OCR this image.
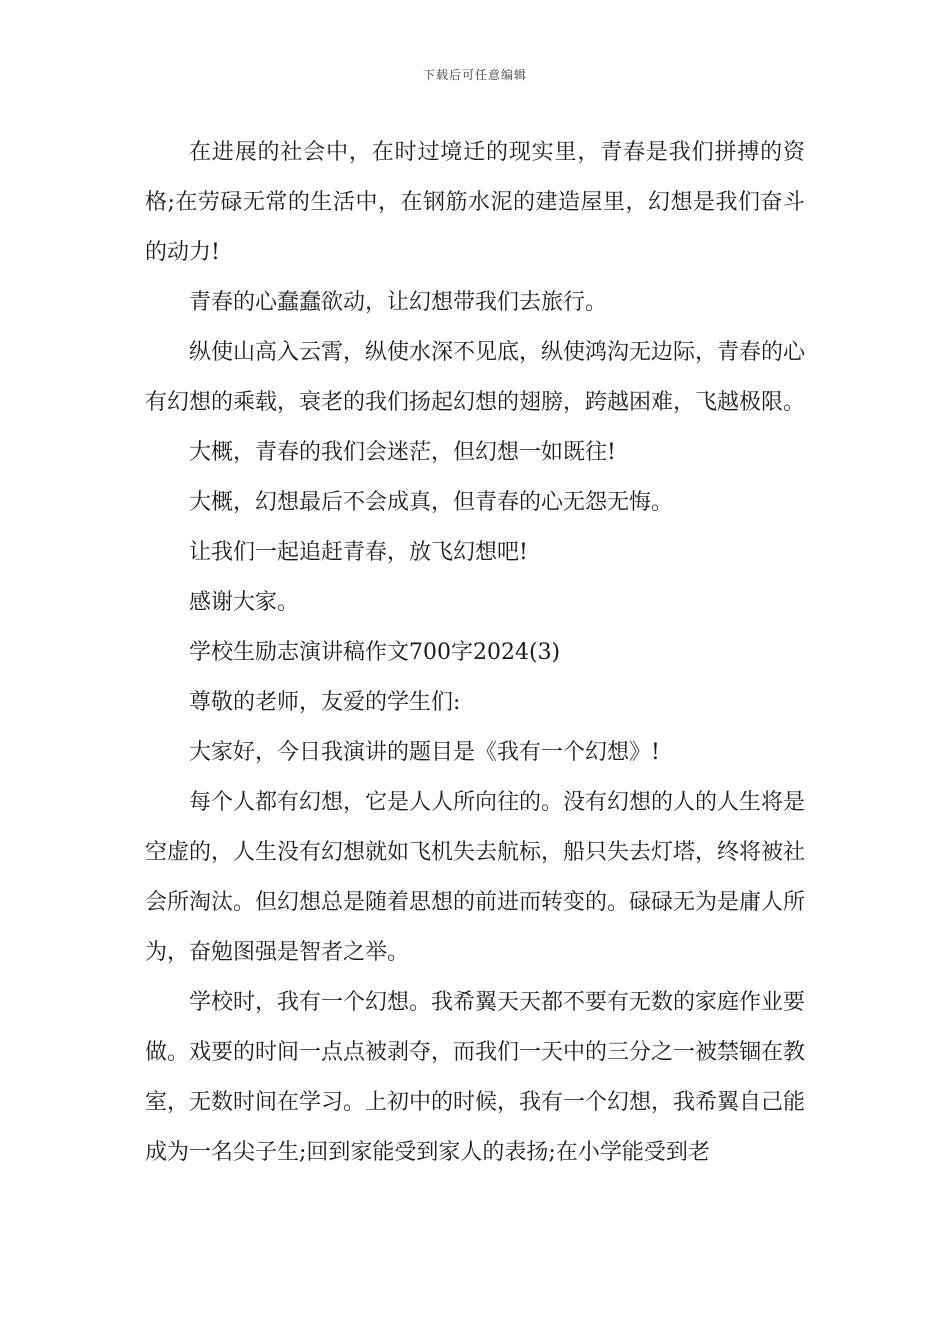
下载后可任意编辑

在进展的社会中，在时过境迁的现实里，青春是我们拼搏的资格;在劳碌无常的生活中，在钢筋水泥的建造屋里，幻想是我们奋斗的动力!

青春的心蠢蠢欲动，让幻想带我们去旅行。

纵使山高入云霄，纵使水深不见底，纵使鸿沟无边际，青春的心有幻想的乘载，衰老的我们扬起幻想的翅膀，跨越困难，飞越极限。

大概，青春的我们会迷茫，但幻想一如既往!

大概，幻想最后不会成真，但青春的心无怨无悔。

让我们一起追赶青春，放飞幻想吧!

感谢大家。

学校生励志演讲稿作文700字2024(3)

尊敬的老师，友爱的学生们:

大家好，今日我演讲的题目是《我有一个幻想》!

每个人都有幻想，它是人人所向往的。没有幻想的人的人生将是空虚的，人生没有幻想就如飞机失去航标，船只失去灯塔，终将被社会所淘汰。但幻想总是随着思想的前进而转变的。碌碌无为是庸人所为，奋勉图强是智者之举。

学校时，我有一个幻想。我希翼天天都不要有无数的家庭作业要做。戏要的时间一点点被剥夺，而我们一天中的三分之一被禁锢在教室，无数时间在学习。上初中的时候，我有一个幻想，我希翼自己能成为一名尖子生;回到家能受到家人的表扬;在小学能受到老
